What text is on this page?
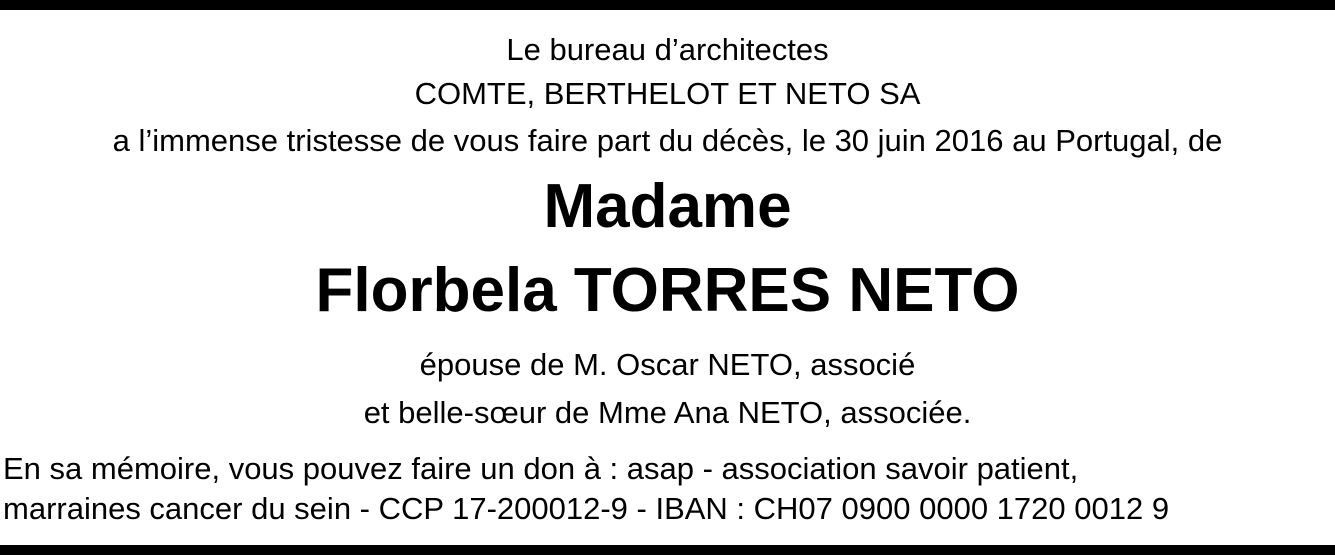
Le bureau d’architectes
COMTE, BERTHELOT ET NETO SA
a l’immense tristesse de vous faire part du décès, le 30 juin 2016 au Portugal, de
Madame
Florbela TORRES NETO
épouse de M. Oscar NETO, associé
et belle-sœur de Mme Ana NETO, associée.
En sa mémoire, vous pouvez faire un don à : asap - association savoir patient,
marraines cancer du sein - CCP 17-200012-9 - IBAN : CH07 0900 0000 1720 0012 9
